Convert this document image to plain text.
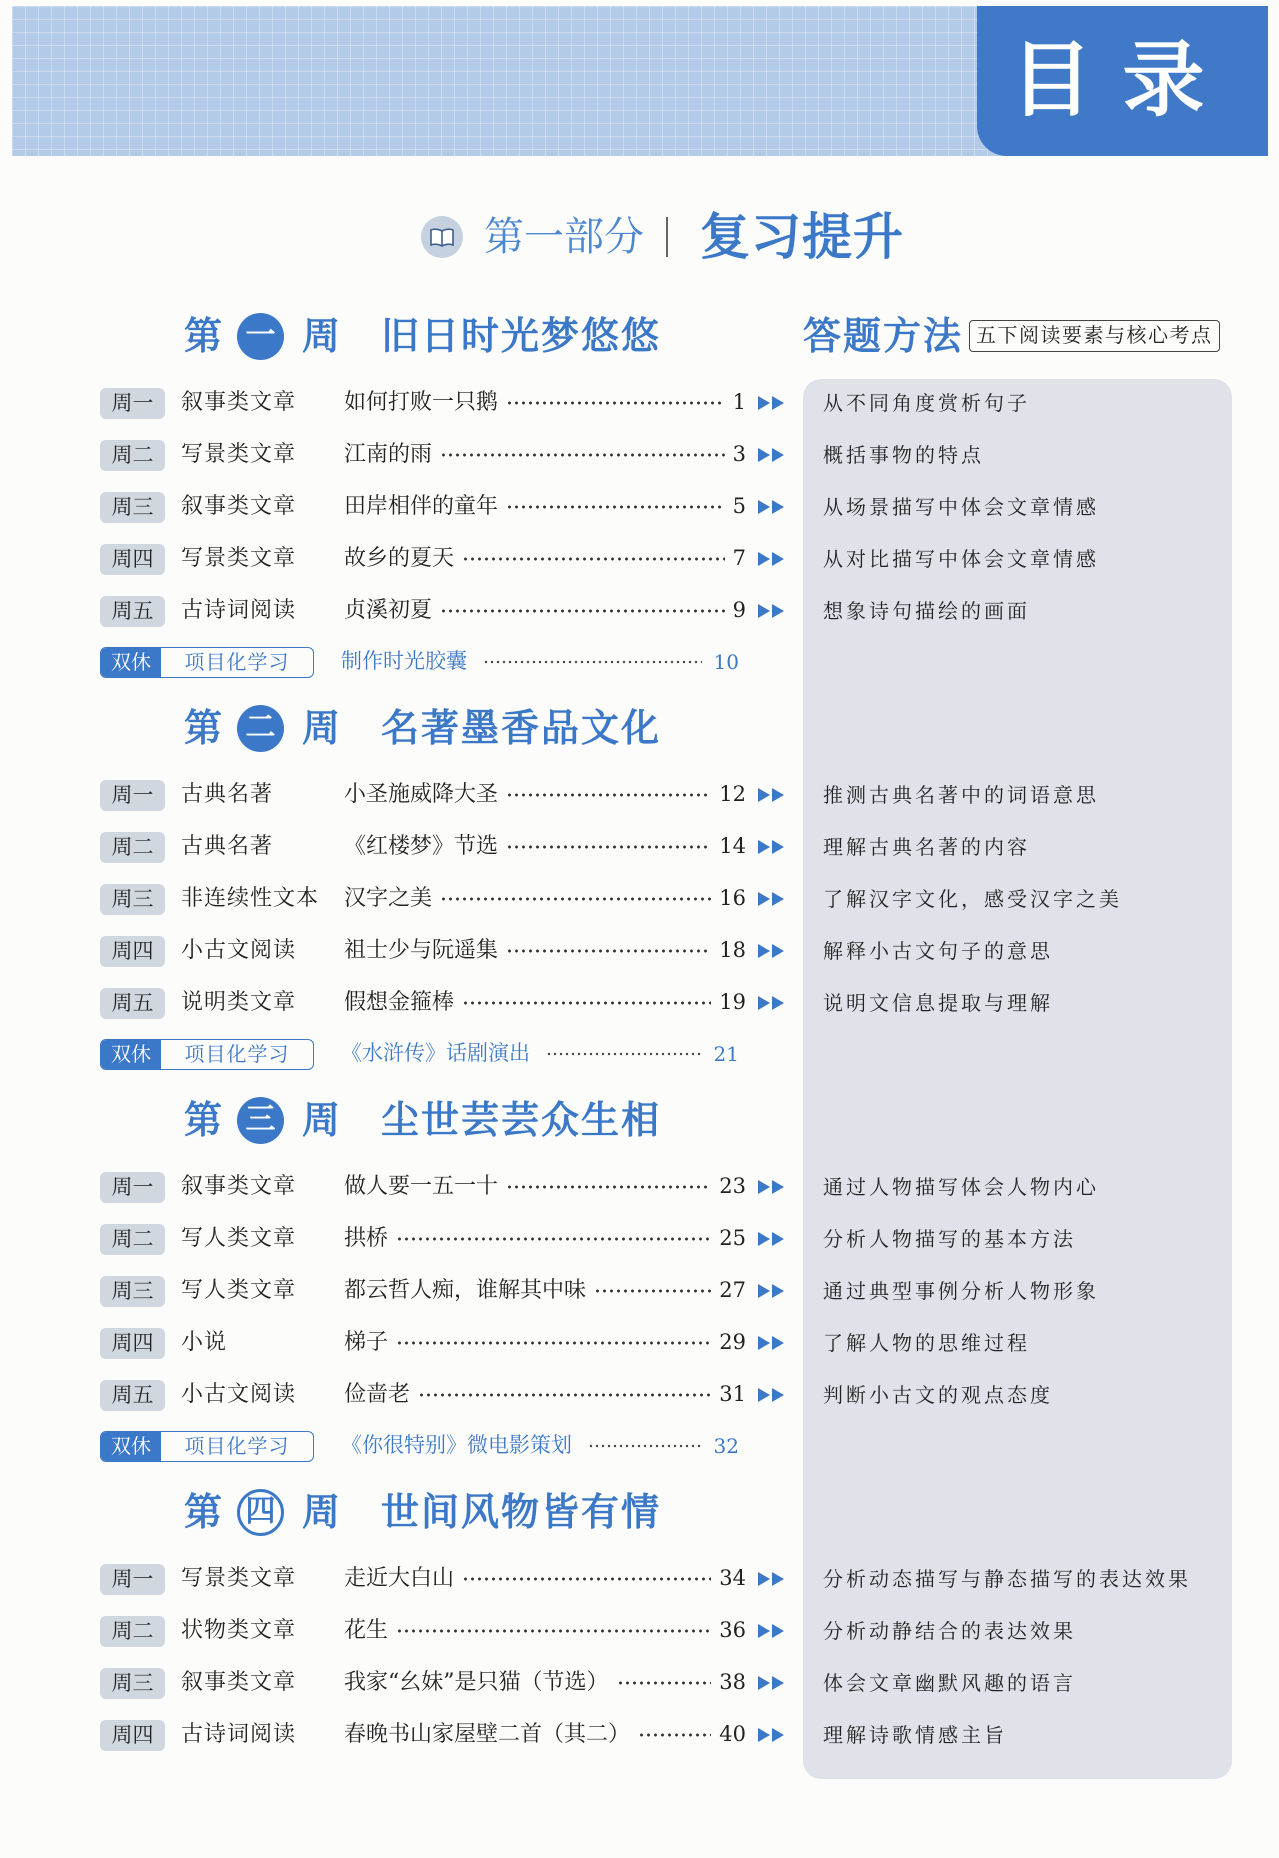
目录
第一部分 复习提升
答题方法 五下阅读要素与核心考点
第 一 周 旧日时光梦悠悠
周一	叙事类文章	如何打败一只鹅	1	从不同角度赏析句子
周二	写景类文章	江南的雨	3	概括事物的特点
周三	叙事类文章	田岸相伴的童年	5	从场景描写中体会文章情感
周四	写景类文章	故乡的夏天	7	从对比描写中体会文章情感
周五	古诗词阅读	贞溪初夏	9	想象诗句描绘的画面
双休	项目化学习	制作时光胶囊	10
第 二 周 名著墨香品文化
周一	古典名著	小圣施威降大圣	12	推测古典名著中的词语意思
周二	古典名著	《红楼梦》节选	14	理解古典名著的内容
周三	非连续性文本	汉字之美	16	了解汉字文化，感受汉字之美
周四	小古文阅读	祖士少与阮遥集	18	解释小古文句子的意思
周五	说明类文章	假想金箍棒	19	说明文信息提取与理解
双休	项目化学习	《水浒传》话剧演出	21
第 三 周 尘世芸芸众生相
周一	叙事类文章	做人要一五一十	23	通过人物描写体会人物内心
周二	写人类文章	拱桥	25	分析人物描写的基本方法
周三	写人类文章	都云哲人痴，谁解其中味	27	通过典型事例分析人物形象
周四	小说	梯子	29	了解人物的思维过程
周五	小古文阅读	俭啬老	31	判断小古文的观点态度
双休	项目化学习	《你很特别》微电影策划	32
第 四 周 世间风物皆有情
周一	写景类文章	走近大白山	34	分析动态描写与静态描写的表达效果
周二	状物类文章	花生	36	分析动静结合的表达效果
周三	叙事类文章	我家“幺妹”是只猫（节选）	38	体会文章幽默风趣的语言
周四	古诗词阅读	春晚书山家屋壁二首（其二）	40	理解诗歌情感主旨
